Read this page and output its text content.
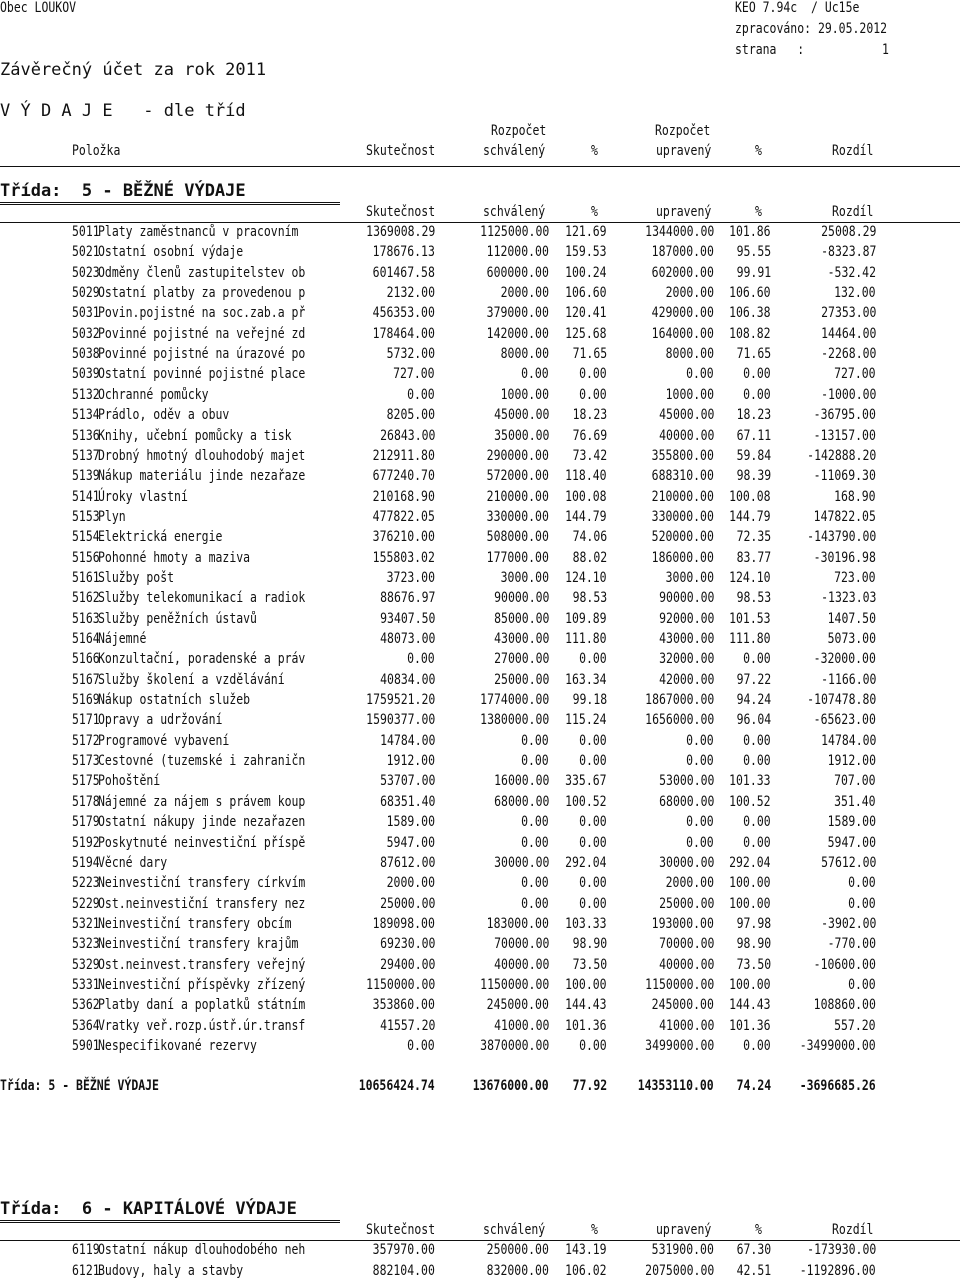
Obec LOUKOV	KEO 7.94c  / Uc15e
zpracováno: 29.05.2012
strana   :	1
Závěrečný účet za rok 2011
V Ý D A J E   - dle tříd
Rozpočet	Rozpočet
Položka	Skutečnost	schválený	%	upravený	%	Rozdíl
Třída:  5 - BĚŽNÉ VÝDAJE
Skutečnost	schválený	%	upravený	%	Rozdíl
5011
Platy zaměstnanců v pracovním	1369008.29	1125000.00 121.69	1344000.00 101.86	25008.29
5021
Ostatní osobní výdaje	178676.13	112000.00 159.53	187000.00 95.55	-8323.87
5023
Odměny členů zastupitelstev ob	601467.58	600000.00 100.24	602000.00 99.91	-532.42
5029
Ostatní platby za provedenou p	2132.00	2000.00 106.60	2000.00 106.60	132.00
5031
Povin.pojistné na soc.zab.a př	456353.00	379000.00 120.41	429000.00 106.38	27353.00
5032
Povinné pojistné na veřejné zd	178464.00	142000.00 125.68	164000.00 108.82	14464.00
5038
Povinné pojistné na úrazové po	5732.00	8000.00 71.65	8000.00 71.65	-2268.00
5039
Ostatní povinné pojistné place	727.00	0.00 0.00	0.00 0.00	727.00
5132
Ochranné pomůcky	0.00	1000.00 0.00	1000.00 0.00	-1000.00
5134
Prádlo, oděv a obuv	8205.00	45000.00 18.23	45000.00 18.23	-36795.00
5136
Knihy, učební pomůcky a tisk	26843.00	35000.00 76.69	40000.00 67.11	-13157.00
5137
Drobný hmotný dlouhodobý majet	212911.80	290000.00 73.42	355800.00 59.84	-142888.20
5139
Nákup materiálu jinde nezařaze	677240.70	572000.00 118.40	688310.00 98.39	-11069.30
5141
Úroky vlastní	210168.90	210000.00 100.08	210000.00 100.08	168.90
5153
Plyn	477822.05	330000.00 144.79	330000.00 144.79	147822.05
5154
Elektrická energie	376210.00	508000.00 74.06	520000.00 72.35	-143790.00
5156
Pohonné hmoty a maziva	155803.02	177000.00 88.02	186000.00 83.77	-30196.98
5161
Služby pošt	3723.00	3000.00 124.10	3000.00 124.10	723.00
5162
Služby telekomunikací a radiok	88676.97	90000.00 98.53	90000.00 98.53	-1323.03
5163
Služby peněžních ústavů	93407.50	85000.00 109.89	92000.00 101.53	1407.50
5164
Nájemné	48073.00	43000.00 111.80	43000.00 111.80	5073.00
5166
Konzultační, poradenské a práv	0.00	27000.00 0.00	32000.00 0.00	-32000.00
5167
Služby školení a vzdělávání	40834.00	25000.00 163.34	42000.00 97.22	-1166.00
5169
Nákup ostatních služeb	1759521.20	1774000.00 99.18	1867000.00 94.24	-107478.80
5171
Opravy a udržování	1590377.00	1380000.00 115.24	1656000.00 96.04	-65623.00
5172
Programové vybavení	14784.00	0.00 0.00	0.00 0.00	14784.00
5173
Cestovné (tuzemské i zahraničn	1912.00	0.00 0.00	0.00 0.00	1912.00
5175
Pohoštění	53707.00	16000.00 335.67	53000.00 101.33	707.00
5178
Nájemné za nájem s právem koup	68351.40	68000.00 100.52	68000.00 100.52	351.40
5179
Ostatní nákupy jinde nezařazen	1589.00	0.00 0.00	0.00 0.00	1589.00
5192
Poskytnuté neinvestiční příspě	5947.00	0.00 0.00	0.00 0.00	5947.00
5194
Věcné dary	87612.00	30000.00 292.04	30000.00 292.04	57612.00
5223
Neinvestiční transfery církvím	2000.00	0.00 0.00	2000.00 100.00	0.00
5229
Ost.neinvestiční transfery nez	25000.00	0.00 0.00	25000.00 100.00	0.00
5321
Neinvestiční transfery obcím	189098.00	183000.00 103.33	193000.00 97.98	-3902.00
5323
Neinvestiční transfery krajům	69230.00	70000.00 98.90	70000.00 98.90	-770.00
5329
Ost.neinvest.transfery veřejný	29400.00	40000.00 73.50	40000.00 73.50	-10600.00
5331
Neinvestiční příspěvky zřízený	1150000.00	1150000.00 100.00	1150000.00 100.00	0.00
5362
Platby daní a poplatků státním	353860.00	245000.00 144.43	245000.00 144.43	108860.00
5364
Vratky veř.rozp.ústř.úr.transf	41557.20	41000.00 101.36	41000.00 101.36	557.20
5901
Nespecifikované rezervy	0.00	3870000.00 0.00	3499000.00 0.00 -3499000.00
Třída: 5 - BĚŽNÉ VÝDAJE	10656424.74	13676000.00 77.92 14353110.00 74.24 -3696685.26
Třída:  6 - KAPITÁLOVÉ VÝDAJE
Skutečnost	schválený	%	upravený	%	Rozdíl
6119
Ostatní nákup dlouhodobého neh	357970.00	250000.00 143.19	531900.00 67.30	-173930.00
6121
Budovy, haly a stavby	882104.00	832000.00 106.02	2075000.00 42.51 -1192896.00
